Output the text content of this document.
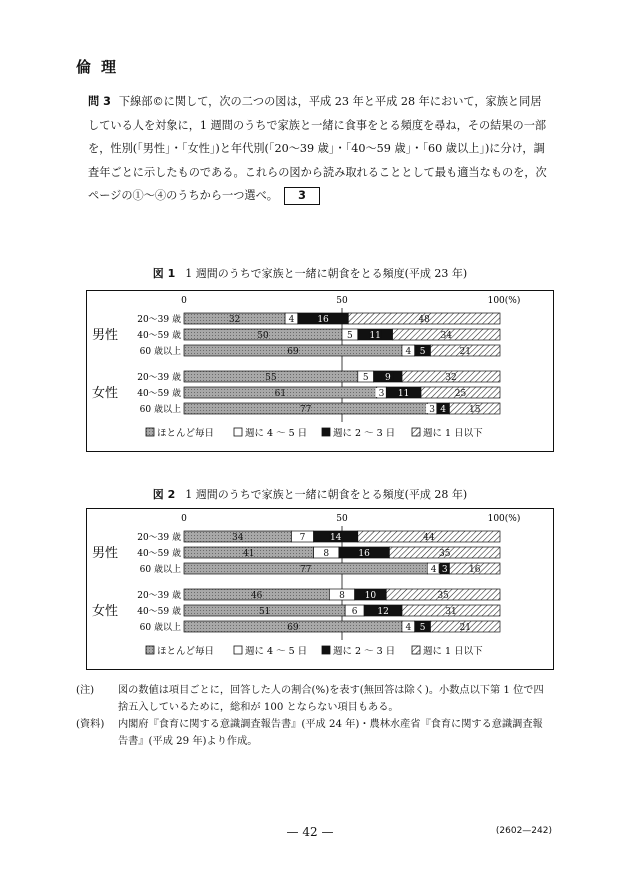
倫理
問 3 下線部©に関して，次の二つの図は，平成 23 年と平成 28 年において，家族と同居している人を対象に，1 週間のうちで家族と一緒に食事をとる頻度を尋ね，その結果の一部を，性別(「男性」・「女性」)と年代別(「20〜39 歳」・「40〜59 歳」・「60 歳以上」)に分け，調査年ごとに示したものである。これらの図から読み取れることとして最も適当なものを，次ページの①〜④のうちから一つ選べ。 3
図 1 1 週間のうちで家族と一緒に朝食をとる頻度(平成 23 年)
0	50	100(%)
男性
女性
20〜39 歳	32	4	16	48
40〜59 歳	50	5 11	34
60 歳以上	69	4 5	21
20〜39 歳	55	5 9	32
40〜59 歳	61	3 11	25
60 歳以上	77	3 4	15
ほとんど毎日	週に 4 〜 5 日	週に 2 〜 3 日	週に 1 日以下
図 2 1 週間のうちで家族と一緒に朝食をとる頻度(平成 28 年)
0	50	100(%)
男性
女性
20〜39 歳	34	7	14	44
40〜59 歳	41	8	16	35
60 歳以上	77	4 3 16
20〜39 歳	46	8 10	35
40〜59 歳	51	6 12	31
60 歳以上	69	4 5	21
ほとんど毎日	週に 4 〜 5 日	週に 2 〜 3 日	週に 1 日以下
(注)	図の数値は項目ごとに，回答した人の割合(%)を表す(無回答は除く)。小数点以下第 1 位で四捨五入しているために，総和が 100 とならない項目もある。
(資料)	内閣府『食育に関する意識調査報告書』(平成 24 年)・農林水産省『食育に関する意識調査報告書』(平成 29 年)より作成。
— 42 —	(2602—242)
